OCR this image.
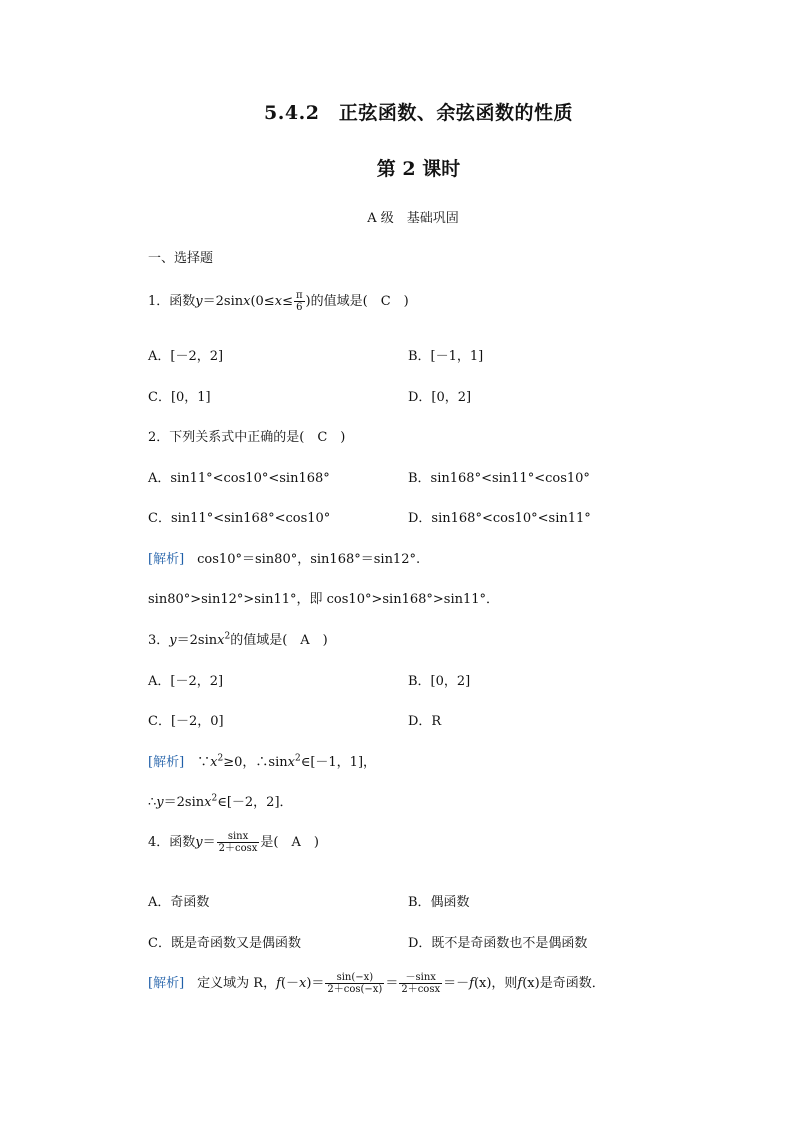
5.4.2　正弦函数、余弦函数的性质
第 2 课时
A 级　基础巩固
一、选择题
1．函数$y=2\sin x(0\le x\le \frac{\pi}{6}$ )的值域是(　C　)
A．[－2，2]	B．[－1，1]
C．[0，1]	D．[0，2]
2．下列关系式中正确的是(　C　)
A．sin11°<cos10°<sin168°	B．sin168°<sin11°<cos10°
C．sin11°<sin168°<cos10°	D．sin168°<cos10°<sin11°
[解析]　cos10°＝sin80°，sin168°＝sin12°.
sin80°>sin12°>sin11°，即 cos10°>sin168°>sin11°．
3．y＝2sinx$^2$的值域是(　A　)
A．[－2，2]	B．[0，2]
C．[－2，0]	D．R
[解析]　$\because x^2\ge 0$，∴sinx$^2$∈[－1，1]，
∴y＝2sinx$^2$∈[－2，2]．
4．函数$y= \frac{\sin x}{2+\cos x}$ 是(　A　)
A．奇函数	B．偶函数
C．既是奇函数又是偶函数	D．既不是奇函数也不是偶函数
[解析]　定义域为 R，$f(-x)= \frac{\sin(-x)}{2+\cos(-x)} = \frac{-\sin x}{2+\cos x} =-f(x)$，则f(x)是奇函数．
